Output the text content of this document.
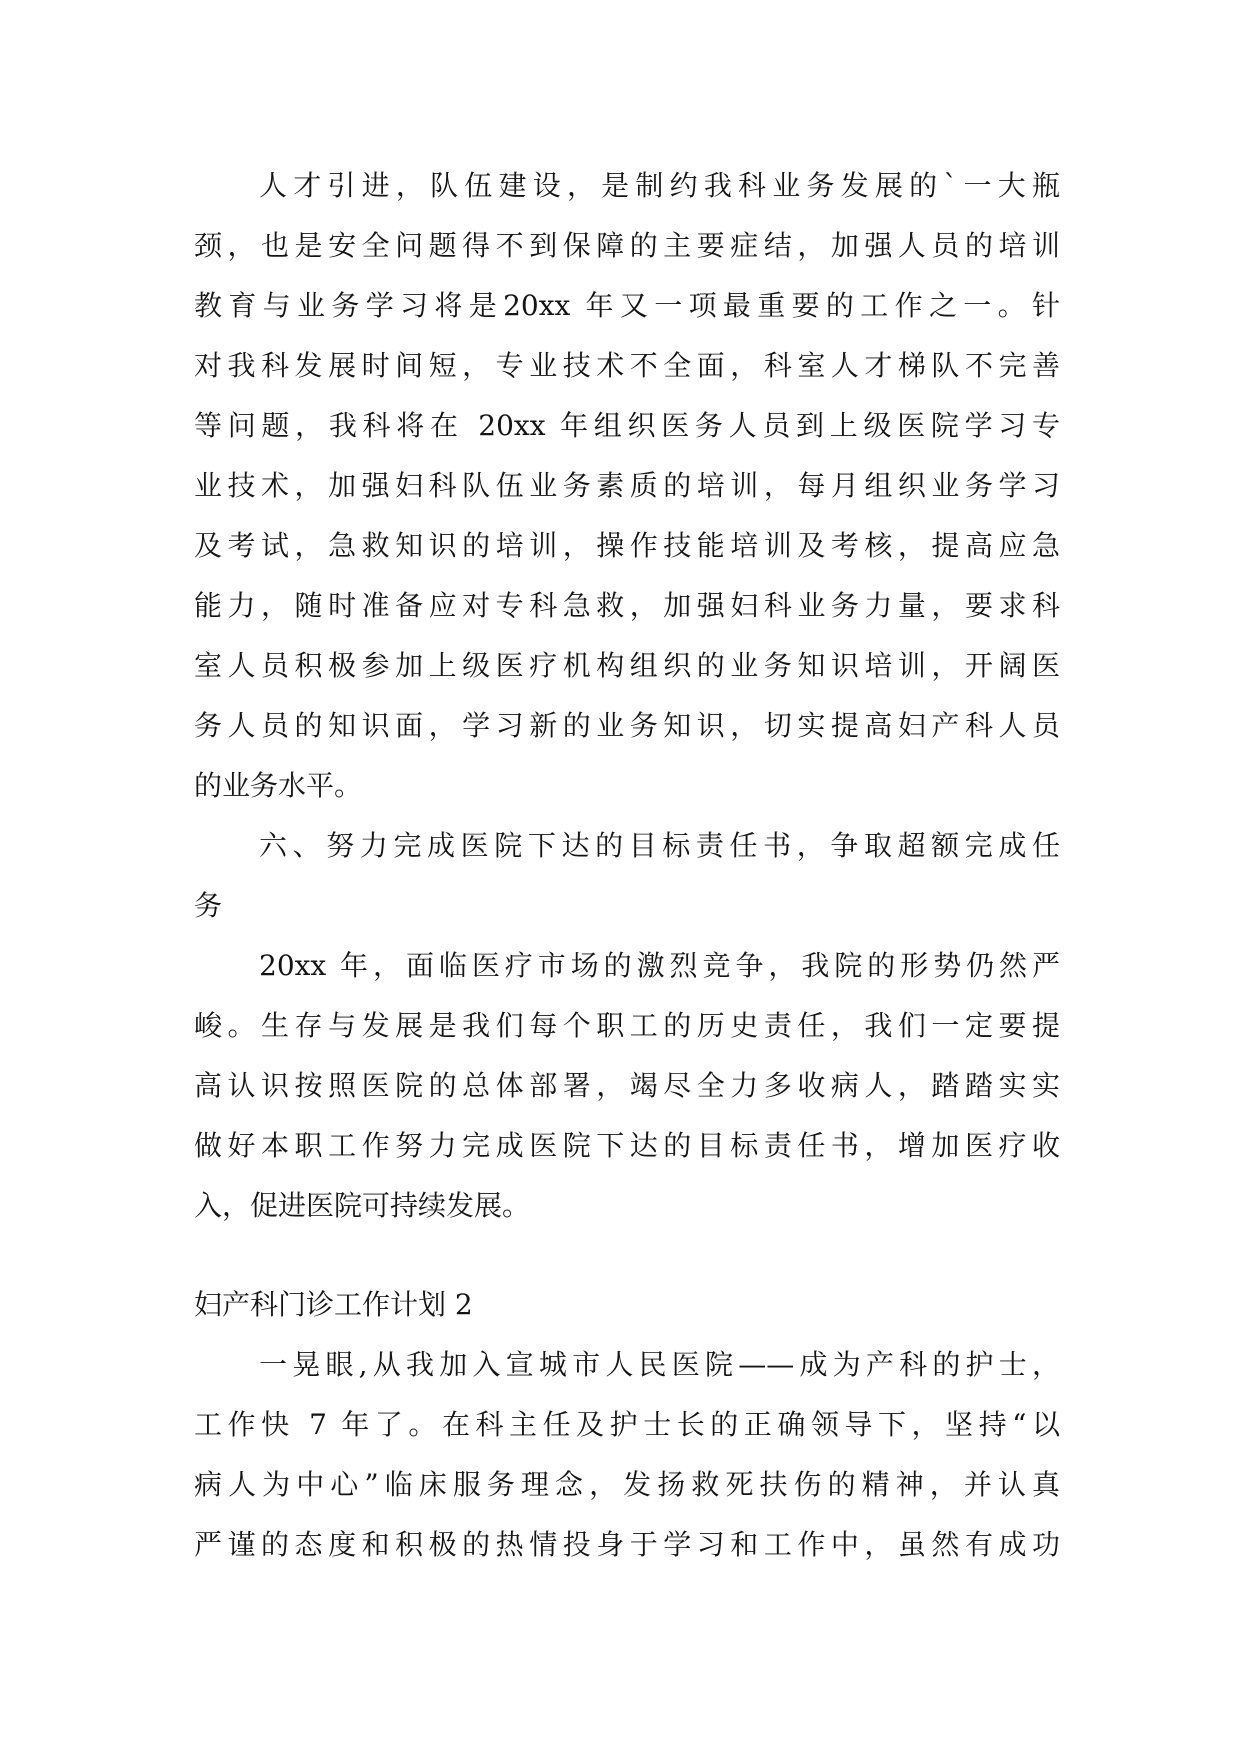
人才引进，队伍建设，是制约我科业务发展的`一大瓶
颈，也是安全问题得不到保障的主要症结，加强人员的培训
教育与业务学习将是20xx 年又一项最重要的工作之一。针
对我科发展时间短，专业技术不全面，科室人才梯队不完善
等问题，我科将在 20xx 年组织医务人员到上级医院学习专
业技术，加强妇科队伍业务素质的培训，每月组织业务学习
及考试，急救知识的培训，操作技能培训及考核，提高应急
能力，随时准备应对专科急救，加强妇科业务力量，要求科
室人员积极参加上级医疗机构组织的业务知识培训，开阔医
务人员的知识面，学习新的业务知识，切实提高妇产科人员
的业务水平。
六、努力完成医院下达的目标责任书，争取超额完成任
务
20xx 年，面临医疗市场的激烈竞争，我院的形势仍然严
峻。生存与发展是我们每个职工的历史责任，我们一定要提
高认识按照医院的总体部署，竭尽全力多收病人，踏踏实实
做好本职工作努力完成医院下达的目标责任书，增加医疗收
入，促进医院可持续发展。
妇产科门诊工作计划 2
一晃眼,从我加入宣城市人民医院——成为产科的护士，
工作快 7 年了。在科主任及护士长的正确领导下，坚持“以
病人为中心”临床服务理念，发扬救死扶伤的精神，并认真
严谨的态度和积极的热情投身于学习和工作中，虽然有成功
